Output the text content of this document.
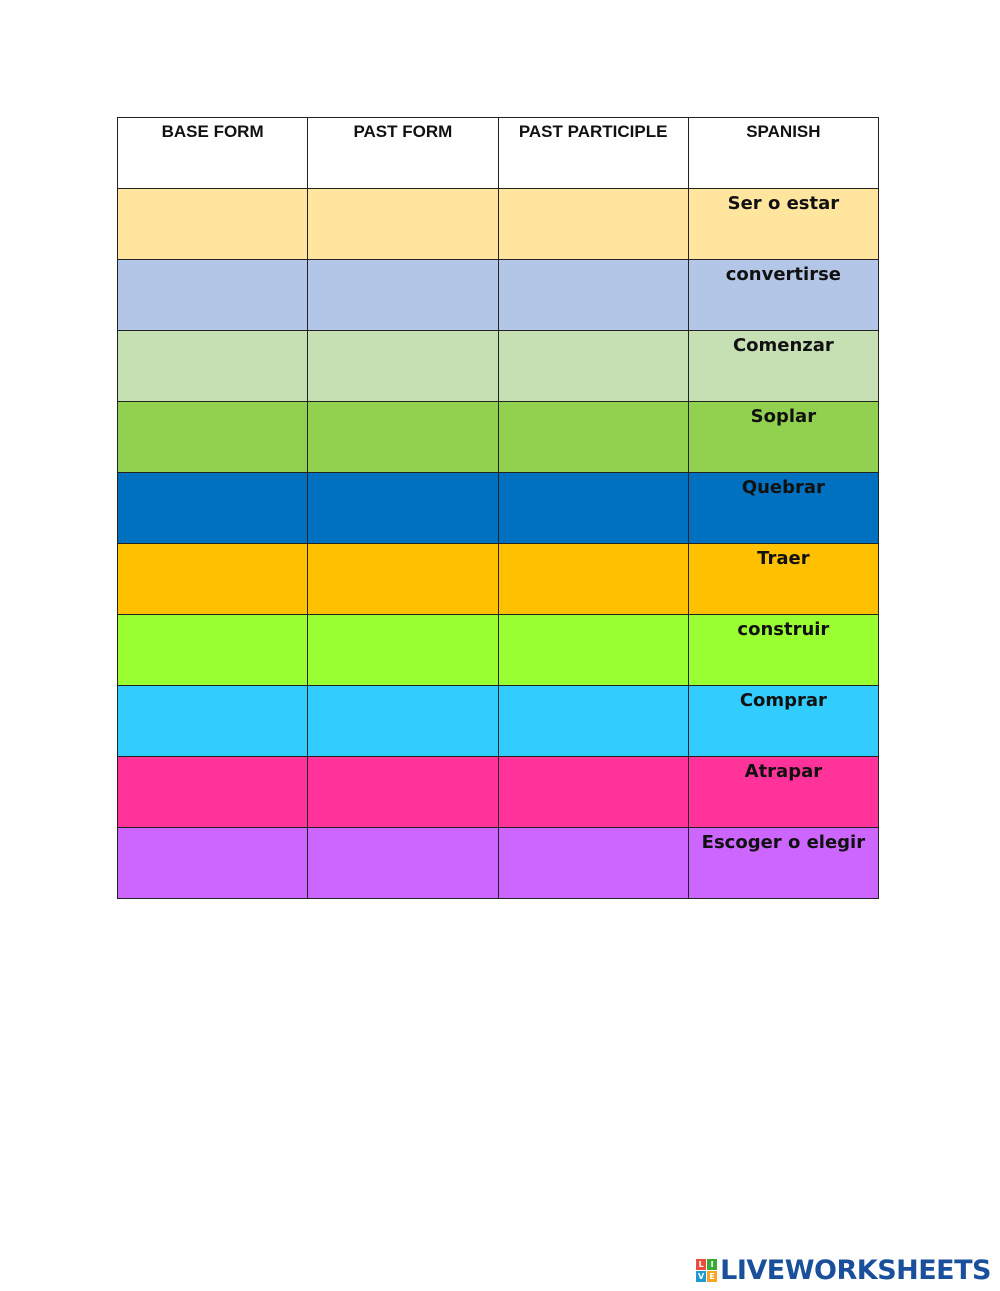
BASE FORM	PAST FORM	PAST PARTICIPLE	SPANISH
			Ser o estar
			convertirse
			Comenzar
			Soplar
			Quebrar
			Traer
			construir
			Comprar
			Atrapar
			Escoger o elegir
L I
V E LIVEWORKSHEETS
